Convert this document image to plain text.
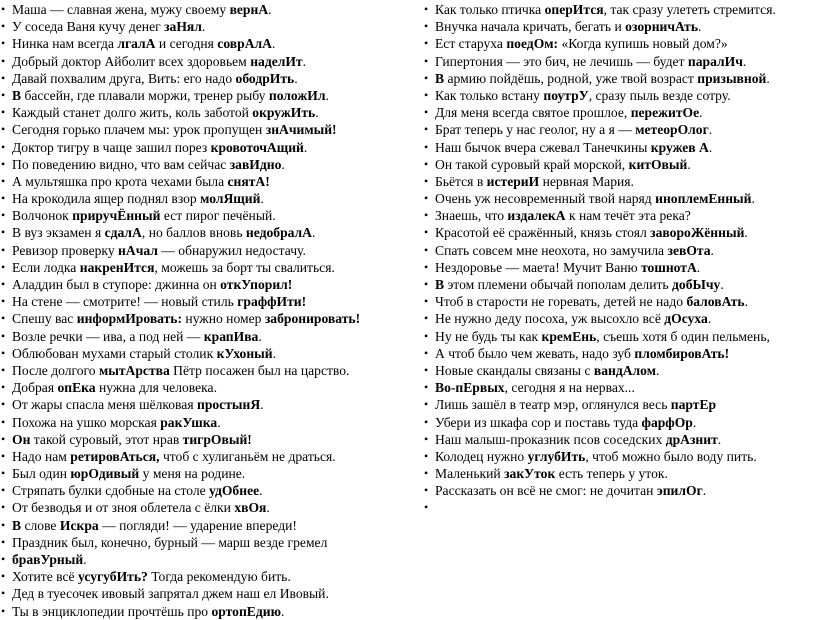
• Маша — славная жена, мужу своему вернА.
• У соседа Ваня кучу денег заНял.
• Нинка нам всегда лгалА и сегодня соврАлА.
• Добрый доктор Айболит всех здоровьем наделИт.
• Давай похвалим друга, Вить: его надо ободрИть.
• В бассейн, где плавали моржи, тренер рыбу положИл.
• Каждый станет долго жить, коль заботой окружИть.
• Сегодня горько плачем мы: урок пропущен знАчимый!
• Доктор тигру в чаще зашил порез кровоточАщий.
• По поведению видно, что вам сейчас завИдно.
• А мультяшка про крота чехами была снятА!
• На крокодила ящер поднял взор молЯщий.
• Волчонок приручЁнный ест пирог печёный.
• В вуз экзамен я сдалА, но баллов вновь недобралА.
• Ревизор проверку нАчал — обнаружил недостачу.
• Если лодка накренИтся, можешь за борт ты свалиться.
• Аладдин был в ступоре: джинна он откУпорил!
• На стене — смотрите! — новый стиль граффИти!
• Спешу вас информИровать: нужно номер забронировать!
• Возле речки — ива, а под ней — крапИва.
• Облюбован мухами старый столик кУхоный.
• После долгого мытАрства Пётр посажен был на царство.
• Добрая опЕка нужна для человека.
• От жары спасла меня шёлковая простынЯ.
• Похожа на ушко морская ракУшка.
• Он такой суровый, этот нрав тигрОвый!
• Надо нам ретировАться, чтоб с хулиганьём не драться.
• Был один юрОдивый у меня на родине.
• Стряпать булки сдобные на столе удОбнее.
• От безводья и от зноя облетела с ёлки хвОя.
• В слове Искра — погляди! — ударение впереди!
• Праздник был, конечно, бурный — марш везде гремел
• бравУрный.
• Хотите всё усугубИть? Тогда рекомендую бить.
• Дед в туесочек ивовый запрятал джем наш ел Ивовый.
• Ты в энциклопедии прочтёшь про ортопЕдию.
• Как только птичка оперИтся, так сразу улететь стремится.
• Внучка начала кричать, бегать и озорничАть.
• Ест старуха поедОм: «Когда купишь новый дом?»
• Гипертония — это бич, не лечишь — будет паралИч.
• В армию пойдёшь, родной, уже твой возраст призывной.
• Как только встану поутрУ, сразу пыль везде сотру.
• Для меня всегда святое прошлое, пережитОе.
• Брат теперь у нас геолог, ну а я — метеорОлог.
• Наш бычок вчера сжевал Танечкины кружев А.
• Он такой суровый край морской, китОвый.
• Бьётся в истериИ нервная Мария.
• Очень уж несовременный твой наряд иноплемЕнный.
• Знаешь, что издалекА к нам течёт эта река?
• Красотой её сражённый, князь стоял завороЖённый.
• Спать совсем мне неохота, но замучила зевОта.
• Нездоровье — маета! Мучит Ваню тошнотА.
• В этом племени обычай пополам делить добЫчу.
• Чтоб в старости не горевать, детей не надо баловАть.
• Не нужно деду посоха, уж высохло всё дОсуха.
• Ну не будь ты как кремЕнь, съешь хотя б один пельмень,
• А чтоб было чем жевать, надо зуб пломбировАть!
• Новые скандалы связаны с вандАлом.
• Во-пЕрвых, сегодня я на нервах...
• Лишь зашёл в театр мэр, оглянулся весь партЕр
• Убери из шкафа сор и поставь туда фарфОр.
• Наш малыш-проказник псов соседских дрАзнит.
• Колодец нужно углубИть, чтоб можно было воду пить.
• Маленький закУток есть теперь у уток.
• Рассказать он всё не смог: не дочитан эпилОг.
•
